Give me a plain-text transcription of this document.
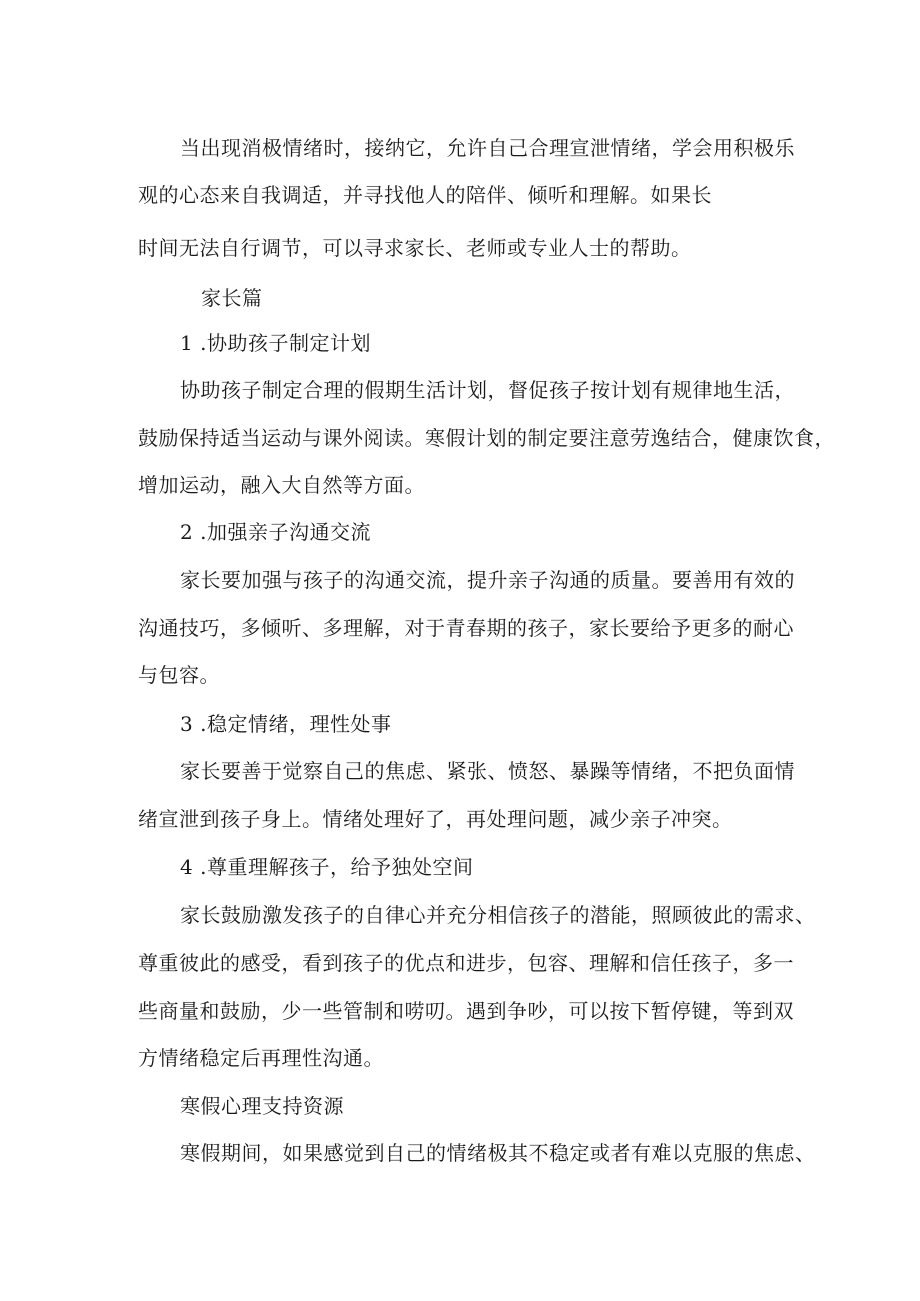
当出现消极情绪时，接纳它，允许自己合理宣泄情绪，学会用积极乐
观的心态来自我调适，并寻找他人的陪伴、倾听和理解。如果长
时间无法自行调节，可以寻求家长、老师或专业人士的帮助。
家长篇
1 .协助孩子制定计划
协助孩子制定合理的假期生活计划，督促孩子按计划有规律地生活，
鼓励保持适当运动与课外阅读。寒假计划的制定要注意劳逸结合，健康饮食，
增加运动，融入大自然等方面。
2 .加强亲子沟通交流
家长要加强与孩子的沟通交流，提升亲子沟通的质量。要善用有效的
沟通技巧，多倾听、多理解，对于青春期的孩子，家长要给予更多的耐心
与包容。
3 .稳定情绪，理性处事
家长要善于觉察自己的焦虑、紧张、愤怒、暴躁等情绪，不把负面情
绪宣泄到孩子身上。情绪处理好了，再处理问题，减少亲子冲突。
4 .尊重理解孩子，给予独处空间
家长鼓励激发孩子的自律心并充分相信孩子的潜能，照顾彼此的需求、
尊重彼此的感受，看到孩子的优点和进步，包容、理解和信任孩子，多一
些商量和鼓励，少一些管制和唠叨。遇到争吵，可以按下暂停键，等到双
方情绪稳定后再理性沟通。
寒假心理支持资源
寒假期间，如果感觉到自己的情绪极其不稳定或者有难以克服的焦虑、
